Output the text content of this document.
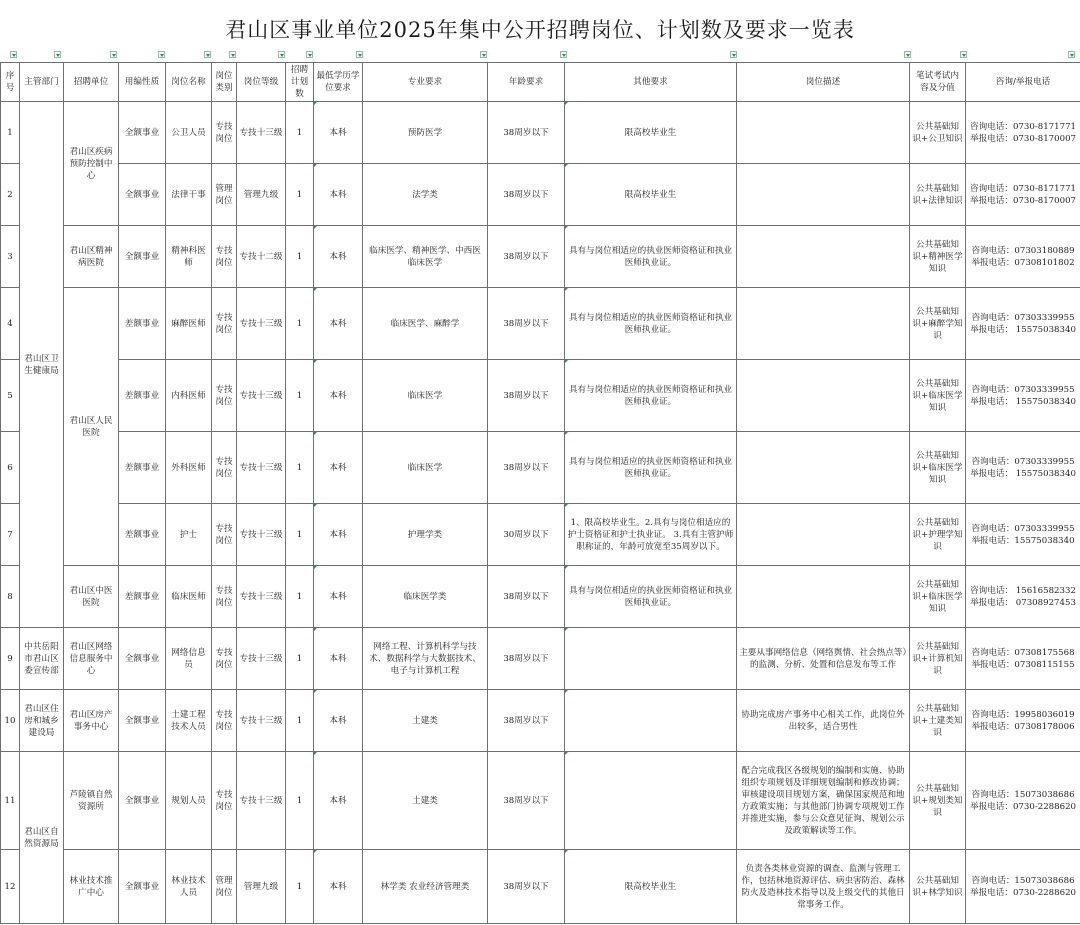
君山区事业单位2025年集中公开招聘岗位、计划数及要求一览表
序号	主管部门	招聘单位	用编性质	岗位名称	岗位类别	岗位等级	招聘计划数	最低学历学位要求	专业要求	年龄要求	其他要求	岗位描述	笔试考试内容及分值	咨询/举报电话
1	君山区卫生健康局	君山区疾病预防控制中心	全额事业	公卫人员	专技岗位	专技十三级	1	本科	预防医学	38周岁以下	限高校毕业生		公共基础知识+公卫知识	咨询电话：0730-8171771 举报电话：0730-8170007
2			全额事业	法律干事	管理岗位	管理九级	1	本科	法学类	38周岁以下	限高校毕业生		公共基础知识+法律知识	咨询电话：0730-8171771 举报电话：0730-8170007
3		君山区精神病医院	全额事业	精神科医师	专技岗位	专技十二级	1	本科	临床医学、精神医学、中西医临床医学	38周岁以下	具有与岗位相适应的执业医师资格证和执业医师执业证。		公共基础知识+精神医学知识	咨询电话：07303180889 举报电话：07308101802
4		君山区人民医院	差额事业	麻醉医师	专技岗位	专技十三级	1	本科	临床医学、麻醉学	38周岁以下	具有与岗位相适应的执业医师资格证和执业医师执业证。		公共基础知识+麻醉学知识	咨询电话：07303339955 举报电话： 15575038340
5			差额事业	内科医师	专技岗位	专技十三级	1	本科	临床医学	38周岁以下	具有与岗位相适应的执业医师资格证和执业医师执业证。		公共基础知识+临床医学知识	咨询电话：07303339955 举报电话： 15575038340
6			差额事业	外科医师	专技岗位	专技十三级	1	本科	临床医学	38周岁以下	具有与岗位相适应的执业医师资格证和执业医师执业证。		公共基础知识+临床医学知识	咨询电话：07303339955 举报电话： 15575038340
7			差额事业	护士	专技岗位	专技十三级	1	本科	护理学类	30周岁以下	1、限高校毕业生。2.具有与岗位相适应的护士资格证和护士执业证。 3.具有主管护师职称证的，年龄可放宽至35周岁以下。		公共基础知识+护理学知识	咨询电话：07303339955 举报电话：15575038340
8		君山区中医医院	差额事业	临床医师	专技岗位	专技十三级	1	本科	临床医学类	38周岁以下	具有与岗位相适应的执业医师资格证和执业医师执业证。		公共基础知识+临床医学知识	咨询电话： 15616582332 举报电话： 07308927453
9	中共岳阳市君山区委宣传部	君山区网络信息服务中心	全额事业	网络信息员	专技岗位	专技十三级	1	本科	网络工程、计算机科学与技术、数据科学与大数据技术、电子与计算机工程	38周岁以下		主要从事网络信息（网络舆情、社会热点等）的监测、分析、处置和信息发布等工作	公共基础知识+计算机知识	咨询电话：07308175568 举报电话：07308115155
10	君山区住房和城乡建设局	君山区房产事务中心	全额事业	土建工程技术人员	专技岗位	专技十三级	1	本科	土建类	38周岁以下		协助完成房产事务中心相关工作，此岗位外出较多，适合男性	公共基础知识+土建类知识	咨询电话：19958036019 举报电话：07308178006
11	君山区自然资源局	芦陵镇自然资源所	全额事业	规划人员	专技岗位	专技十三级	1	本科	土建类	38周岁以下		配合完成我区各级规划的编制和实施、协助组织专项规划及详细规划编制和修改协调；审核建设项目规划方案，确保国家规范和地方政策实施；与其他部门协调专项规划工作并推进实施，参与公众意见征询、规划公示及政策解读等工作。	公共基础知识+规划类知识	咨询电话：15073038686 举报电话：0730-2288620
12		林业技术推广中心	全额事业	林业技术人员	管理岗位	管理九级	1	本科	林学类 农业经济管理类	38周岁以下	限高校毕业生	负责各类林业资源的调查、监测与管理工作，包括林地资源评估、病虫害防治、森林防火及造林技术指导以及上级交代的其他日常事务工作。	公共基础知识+林学知识	咨询电话：15073038686 举报电话：0730-2288620
